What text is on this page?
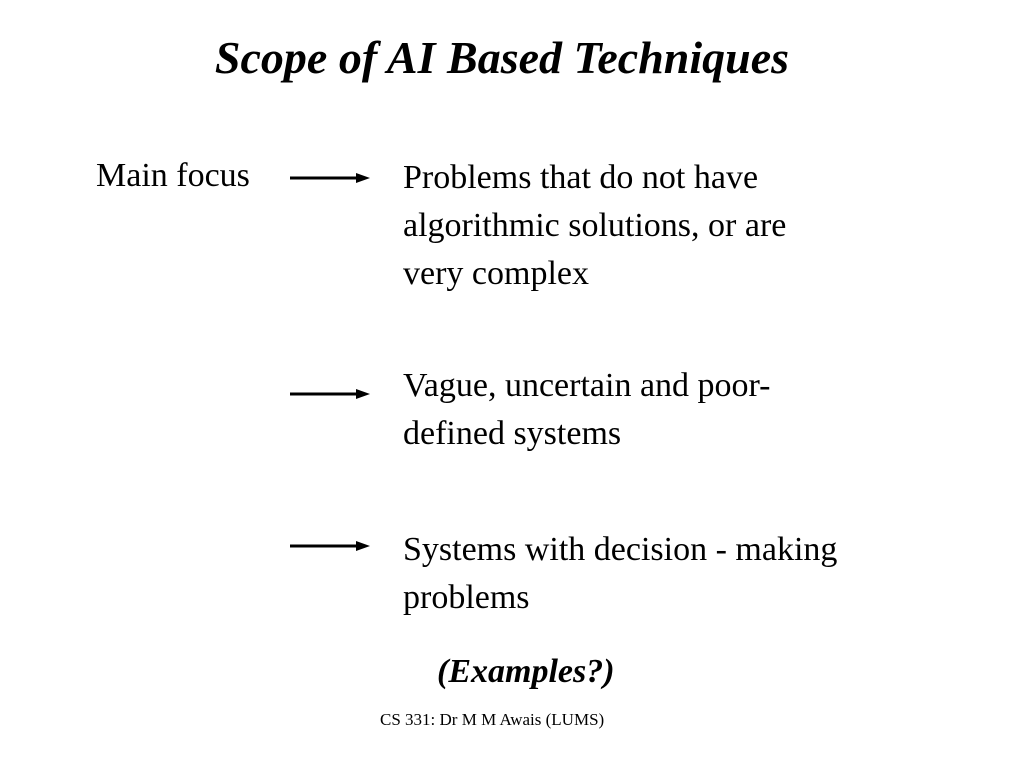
Scope of AI Based Techniques
Main focus	Problems that do not have
algorithmic solutions, or are
very complex
Vague, uncertain and poor-
defined systems
Systems with decision - making
problems
(Examples?)
CS 331: Dr M M Awais (LUMS)
